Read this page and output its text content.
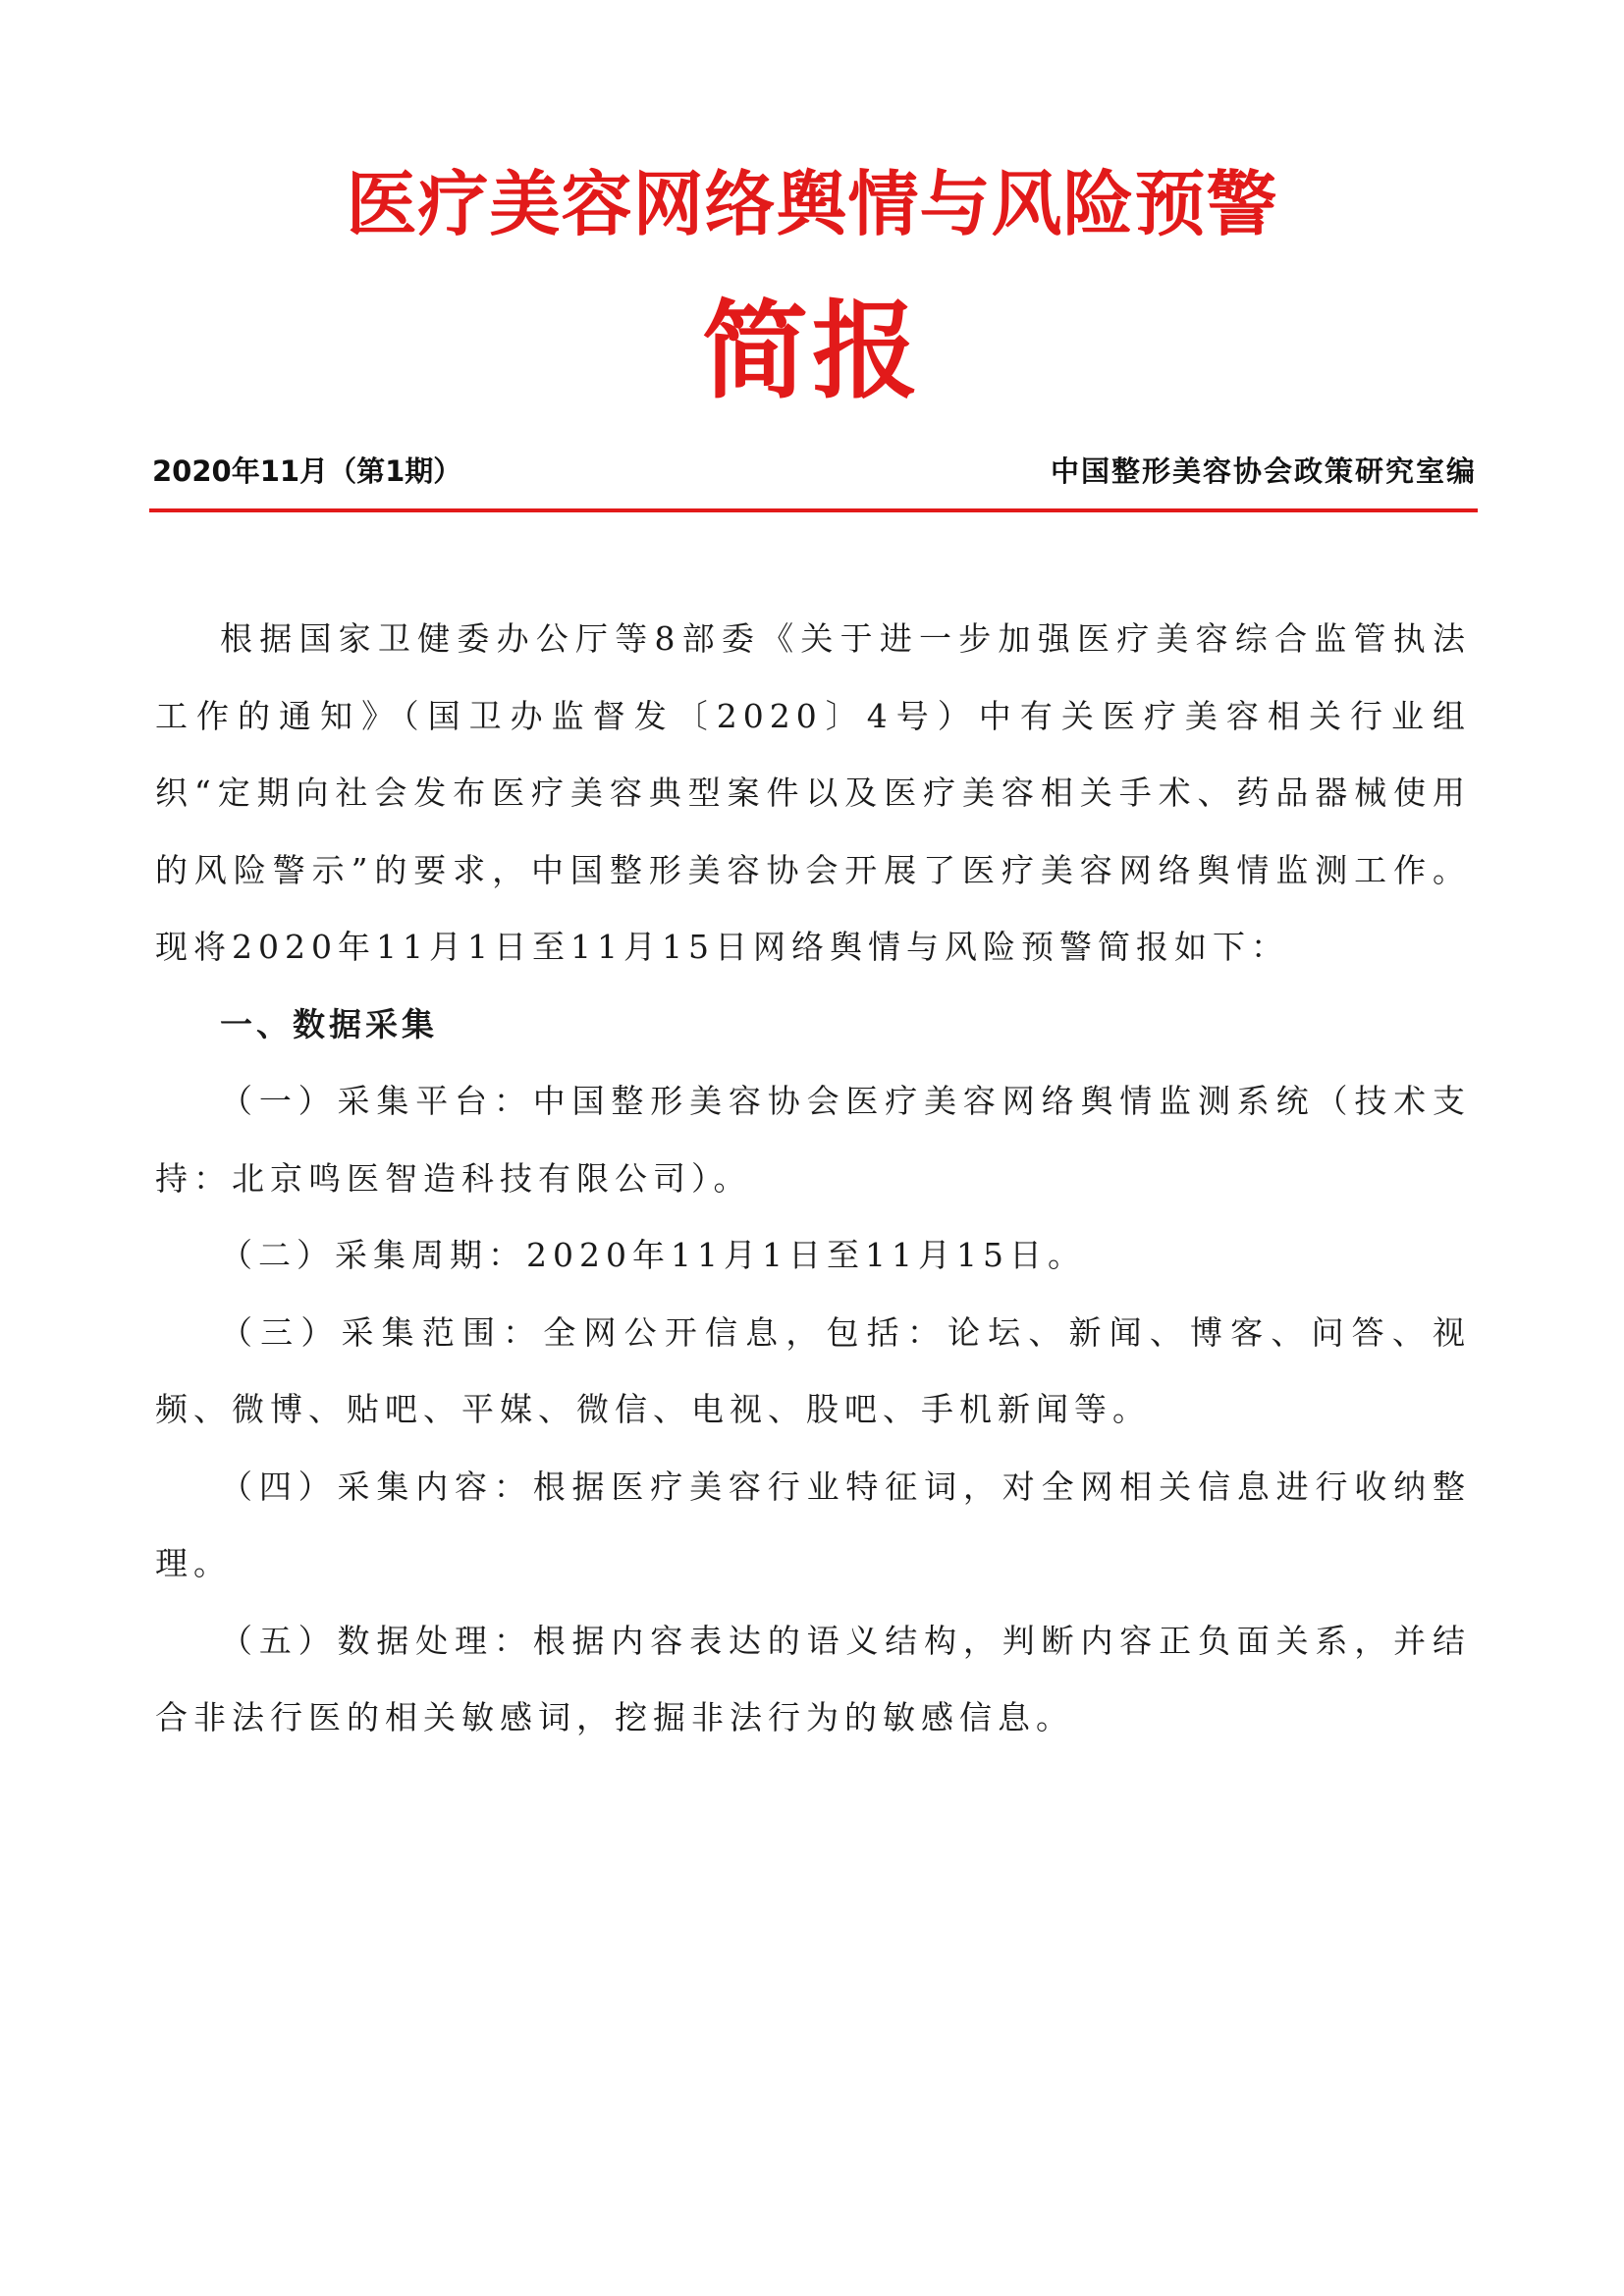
医疗美容网络舆情与风险预警
简报
2020年11月（第1期）	中国整形美容协会政策研究室编

根据国家卫健委办公厅等8部委《关于进一步加强医疗美容综合监管执法工作的通知》（国卫办监督发〔2020〕4号）中有关医疗美容相关行业组织“定期向社会发布医疗美容典型案件以及医疗美容相关手术、药品器械使用的风险警示”的要求，中国整形美容协会开展了医疗美容网络舆情监测工作。现将2020年11月1日至11月15日网络舆情与风险预警简报如下：

一、数据采集

（一）采集平台：中国整形美容协会医疗美容网络舆情监测系统（技术支持：北京鸣医智造科技有限公司）。

（二）采集周期：2020年11月1日至11月15日。

（三）采集范围：全网公开信息，包括：论坛、新闻、博客、问答、视频、微博、贴吧、平媒、微信、电视、股吧、手机新闻等。

（四）采集内容：根据医疗美容行业特征词，对全网相关信息进行收纳整理。

（五）数据处理：根据内容表达的语义结构，判断内容正负面关系，并结合非法行医的相关敏感词，挖掘非法行为的敏感信息。
